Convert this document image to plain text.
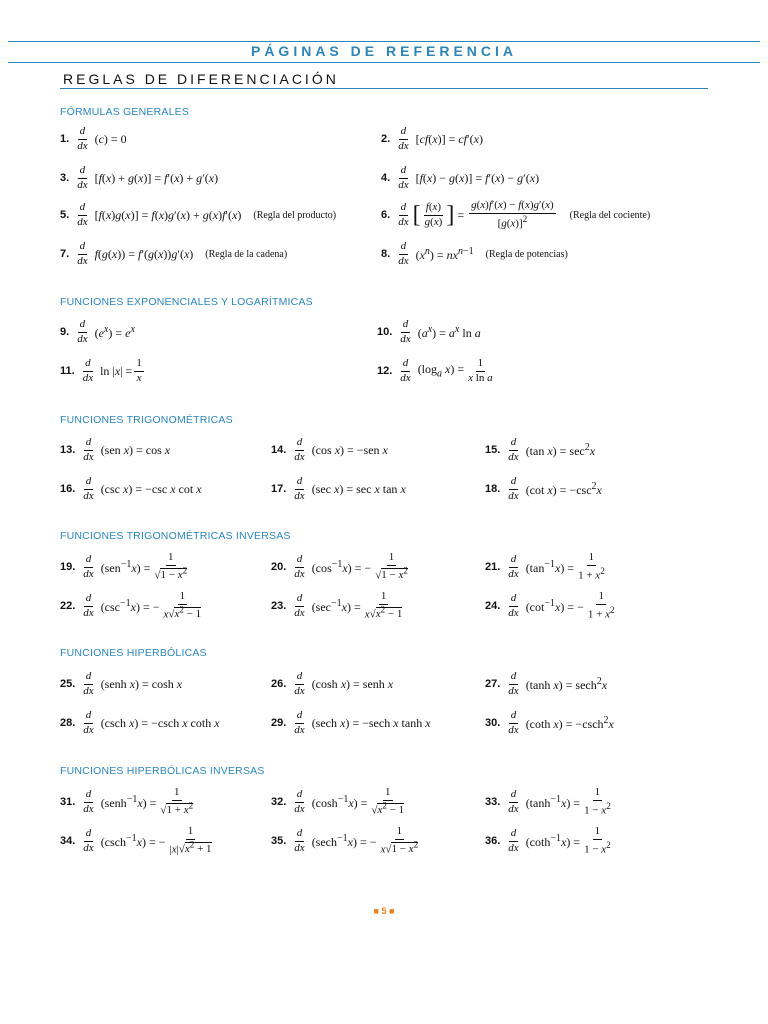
PÁGINAS DE REFERENCIA
REGLAS DE DIFERENCIACIÓN
FÓRMULAS GENERALES
1.
d
dx (c) = 0	2.
d
dx [cf(x)] = cf′(x)
3.
d
dx [f(x) + g(x)] = f′(x) + g′(x)	4.
d
dx [f(x) − g(x)] = f′(x) − g′(x)
5.
d
dx [f(x)g(x)] = f(x)g′(x) + g(x)f′(x) (Regla del producto)	6.
d
dx [ f(x)
g(x) ] = $\frac{g(x)f'(x) - f(x)g'(x)}{[g(x)]^2}$ (Regla del cociente)
7.
d
dx f(g(x)) = f′(g(x))g′(x) (Regla de la cadena)	8.
d
dx $(x^n) = nx^{n-1}$ (Regla de potencias)
FUNCIONES EXPONENCIALES Y LOGARÍTMICAS
9.
d
dx $(e^x) = e^x$	10.
d
dx $(a^x) = a^x$ ln a
11.
d
dx $\ln |x| = \frac{1}{x}$	12.
d
dx
($\log_a$ $x) = \frac{1}{\text{x ln a}}$
FUNCIONES TRIGONOMÉTRICAS
13.
d
dx (sen x) = cos x	14.
d
dx (cos x) = −sen x	15.
d
dx (tan $x) = \sec^2x$
16.
d
dx (csc x) = −csc x cot x	17.
d
dx (sec x) = sec x tan x	18.
d
dx (cot $x) = -\csc^2x$
FUNCIONES TRIGONOMÉTRICAS INVERSAS
19.
d
dx $(sen^{-1}x) = \frac{1}{√1 - x^2}$	20.
d
dx $(\cos^{-1}x)$ = − $\frac{1}{√1 - x^2}$	21.
d
dx $(\tan^{-1}x) = \frac{1}{1 + x^2}$
22.
d
dx $(\csc^{-1}x)$ = − $\frac{1}{x√x^2 - 1}$	23.
d
dx $(\sec^{-1}x) = \frac{1}{x√x^2 - 1}$	24.
d
dx $(\cot^{-1}x)$ = − $\frac{1}{1 + x^2}$
FUNCIONES HIPERBÓLICAS
25.
d
dx (senh x) = cosh x	26.
d
dx (cosh x) = senh x	27.
d
dx (tanh x) = sech$^2$x
28.
d
dx (csch x) = −csch x coth x	29.
d
dx (sech x) = −sech x tanh x	30.
d
dx (coth x) = −csch$^2$x
FUNCIONES HIPERBÓLICAS INVERSAS
31.
d
dx (senh$^{-1}$x) = $\frac{1}{√1 + x^2}$	32.
d
dx $(\cosh^{-1}x) = \frac{1}{√x^2 - 1}$	33.
d
dx $(\tanh^{-1}x) = \frac{1}{1 - x^2}$
34.
d
dx (csch$^{-1}$x) = − $\frac{1}{|x|√x^2 + 1}$	35.
d
dx (sech$^{-1}$x) = − $\frac{1}{x√1 - x^2}$	36.
d
dx $(\cot h^{-1}x) = \frac{1}{1 - x^2}$
■ 5 ■
